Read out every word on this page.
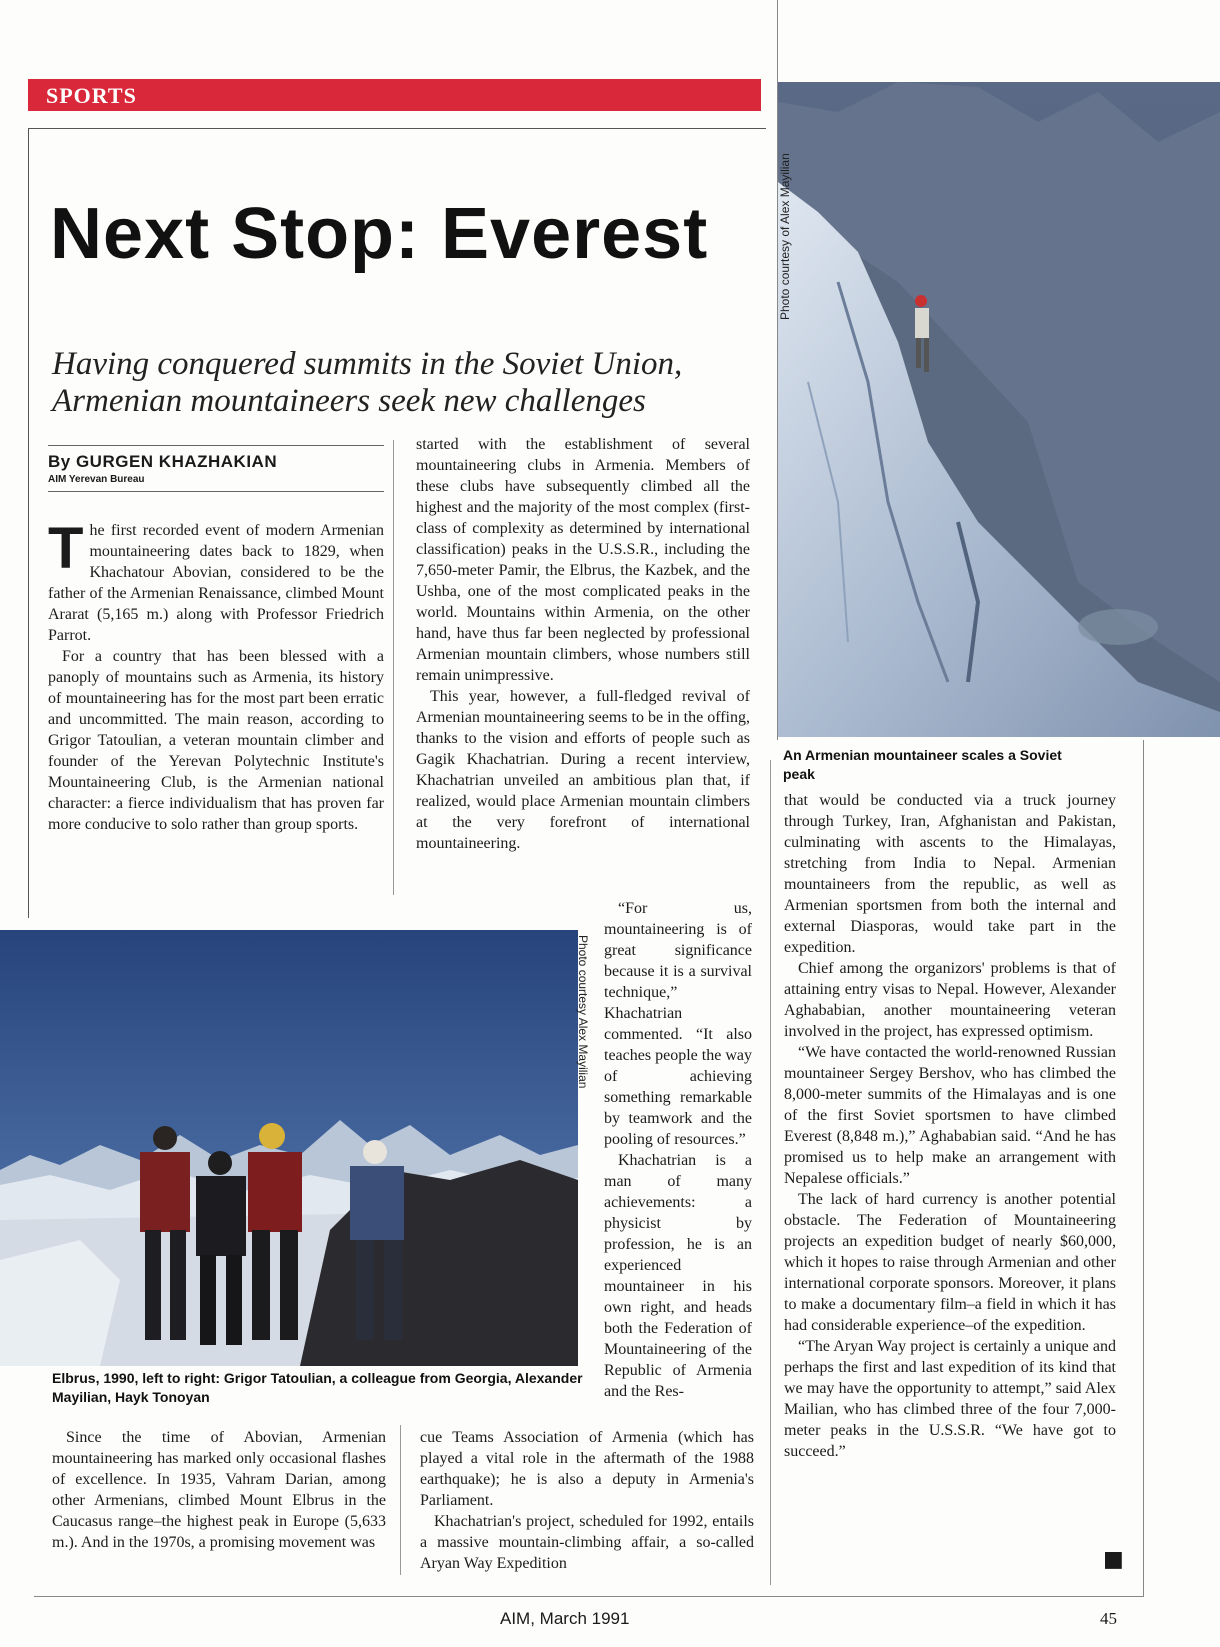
SPORTS
Next Stop: Everest
Having conquered summits in the Soviet Union, Armenian mountaineers seek new challenges
By GURGEN KHAZHAKIAN
AIM Yerevan Bureau

The first recorded event of modern Armenian mountaineering dates back to 1829, when Khachatour Abovian, considered to be the father of the Armenian Renaissance, climbed Mount Ararat (5,165 m.) along with Professor Friedrich Parrot.

For a country that has been blessed with a panoply of mountains such as Armenia, its history of mountaineering has for the most part been erratic and uncommitted. The main reason, according to Grigor Tatoulian, a veteran mountain climber and founder of the Yerevan Polytechnic Institute's Mountaineering Club, is the Armenian national character: a fierce individualism that has proven far more conducive to solo rather than group sports.

started with the establishment of several mountaineering clubs in Armenia. Members of these clubs have subsequently climbed all the highest and the majority of the most complex (first-class of complexity as determined by international classification) peaks in the U.S.S.R., including the 7,650-meter Pamir, the Elbrus, the Kazbek, and the Ushba, one of the most complicated peaks in the world. Mountains within Armenia, on the other hand, have thus far been neglected by professional Armenian mountain climbers, whose numbers still remain unimpressive.

This year, however, a full-fledged revival of Armenian mountaineering seems to be in the offing, thanks to the vision and efforts of people such as Gagik Khachatrian. During a recent interview, Khachatrian unveiled an ambitious plan that, if realized, would place Armenian mountain climbers at the very forefront of international mountaineering.

Photo courtesy of Alex Mayilian
An Armenian mountaineer scales a Soviet peak

that would be conducted via a truck journey through Turkey, Iran, Afghanistan and Pakistan, culminating with ascents to the Himalayas, stretching from India to Nepal. Armenian mountaineers from the republic, as well as Armenian sportsmen from both the internal and external Diasporas, would take part in the expedition.

Chief among the organizors' problems is that of attaining entry visas to Nepal. However, Alexander Aghababian, another mountaineering veteran involved in the project, has expressed optimism.

“We have contacted the world-renowned Russian mountaineer Sergey Bershov, who has climbed the 8,000-meter summits of the Himalayas and is one of the first Soviet sportsmen to have climbed Everest (8,848 m.),” Aghababian said. “And he has promised us to help make an arrangement with Nepalese officials.”

The lack of hard currency is another potential obstacle. The Federation of Mountaineering projects an expedition budget of nearly $60,000, which it hopes to raise through Armenian and other international corporate sponsors. Moreover, it plans to make a documentary film–a field in which it has had considerable experience–of the expedition.

“The Aryan Way project is certainly a unique and perhaps the first and last expedition of its kind that we may have the opportunity to attempt,” said Alex Mailian, who has climbed three of the four 7,000-meter peaks in the U.S.S.R. “We have got to succeed.”

■
Photo courtesy Alex Mayilian
Elbrus, 1990, left to right: Grigor Tatoulian, a colleague from Georgia, Alexander Mayilian, Hayk Tonoyan

“For us, mountaineering is of great significance because it is a survival technique,” Khachatrian commented. “It also teaches people the way of achieving something remarkable by teamwork and the pooling of resources.”

Khachatrian is a man of many achievements: a physicist by profession, he is an experienced mountaineer in his own right, and heads both the Federation of Mountaineering of the Republic of Armenia and the Res-

Since the time of Abovian, Armenian mountaineering has marked only occasional flashes of excellence. In 1935, Vahram Darian, among other Armenians, climbed Mount Elbrus in the Caucasus range–the highest peak in Europe (5,633 m.). And in the 1970s, a promising movement was

cue Teams Association of Armenia (which has played a vital role in the aftermath of the 1988 earthquake); he is also a deputy in Armenia's Parliament.

Khachatrian's project, scheduled for 1992, entails a massive mountain-climbing affair, a so-called Aryan Way Expedition

AIM, March 1991	45
